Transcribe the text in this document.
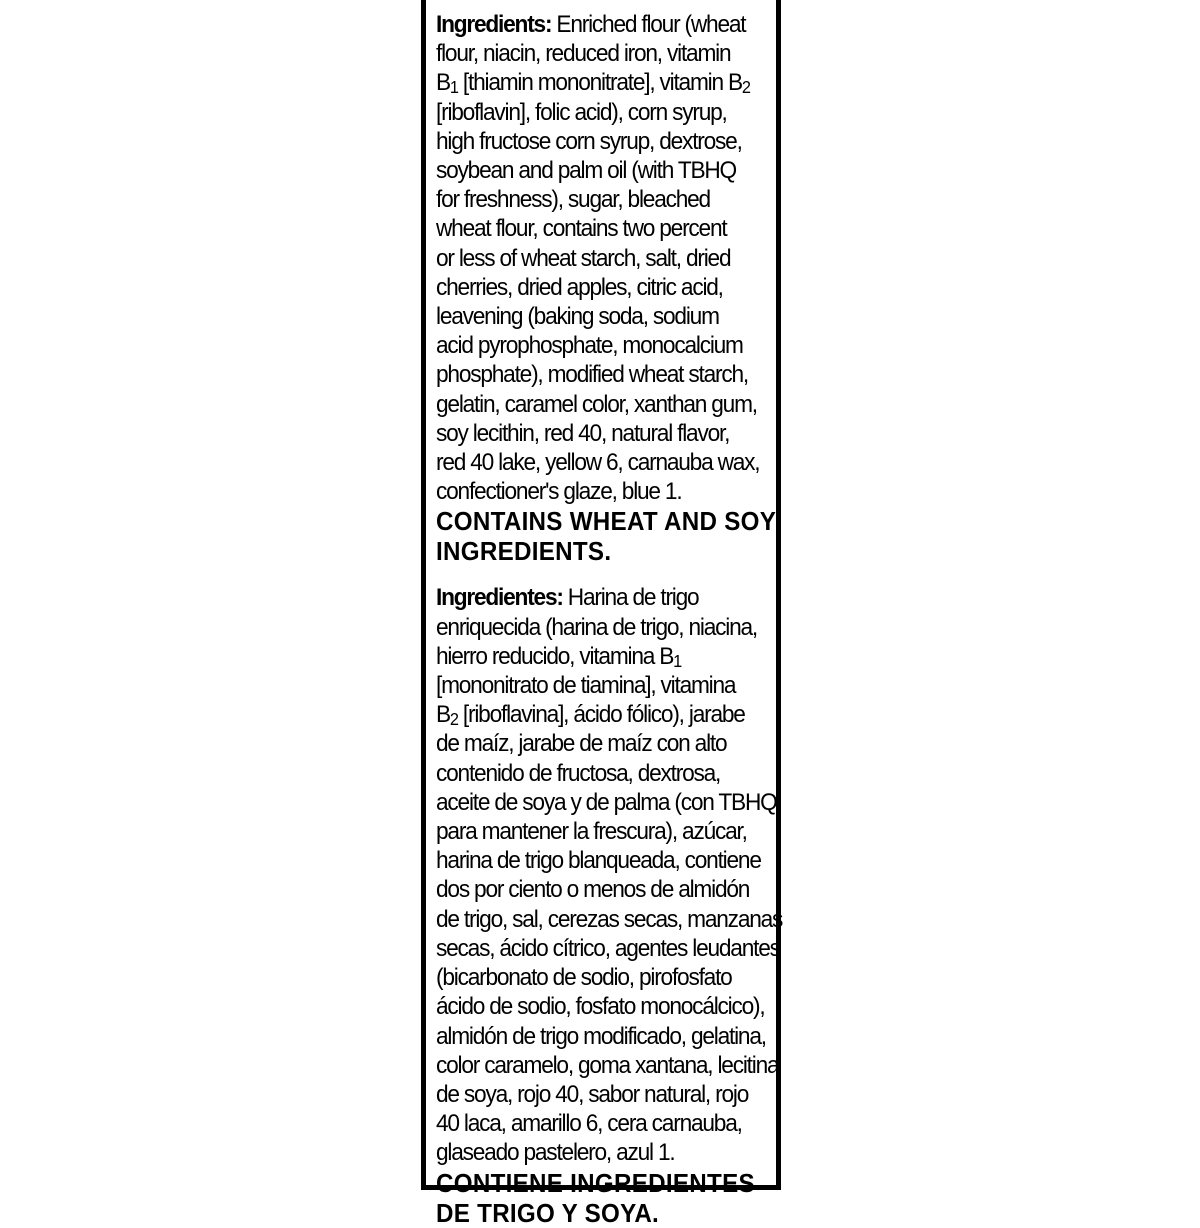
Ingredients: Enriched flour (wheat
flour, niacin, reduced iron, vitamin
$B_1$ [thiamin mononitrate], vitamin $B_2$
[riboflavin], folic acid), corn syrup,
high fructose corn syrup, dextrose,
soybean and palm oil (with TBHQ
for freshness), sugar, bleached
wheat flour, contains two percent
or less of wheat starch, salt, dried
cherries, dried apples, citric acid,
leavening (baking soda, sodium
acid pyrophosphate, monocalcium
phosphate), modified wheat starch,
gelatin, caramel color, xanthan gum,
soy lecithin, red 40, natural flavor,
red 40 lake, yellow 6, carnauba wax,
confectioner's glaze, blue 1.
CONTAINS WHEAT AND SOY
INGREDIENTS.
Ingredientes: Harina de trigo
enriquecida (harina de trigo, niacina,
hierro reducido, vitamina $B_1$
[mononitrato de tiamina], vitamina
$B_2$ [riboflavina], ácido fólico), jarabe
de maíz, jarabe de maíz con alto
contenido de fructosa, dextrosa,
aceite de soya y de palma (con TBHQ
para mantener la frescura), azúcar,
harina de trigo blanqueada, contiene
dos por ciento o menos de almidón
de trigo, sal, cerezas secas, manzanas
secas, ácido cítrico, agentes leudantes
(bicarbonato de sodio, pirofosfato
ácido de sodio, fosfato monocálcico),
almidón de trigo modificado, gelatina,
color caramelo, goma xantana, lecitina
de soya, rojo 40, sabor natural, rojo
40 laca, amarillo 6, cera carnauba,
glaseado pastelero, azul 1.
CONTIENE INGREDIENTES
DE TRIGO Y SOYA.
